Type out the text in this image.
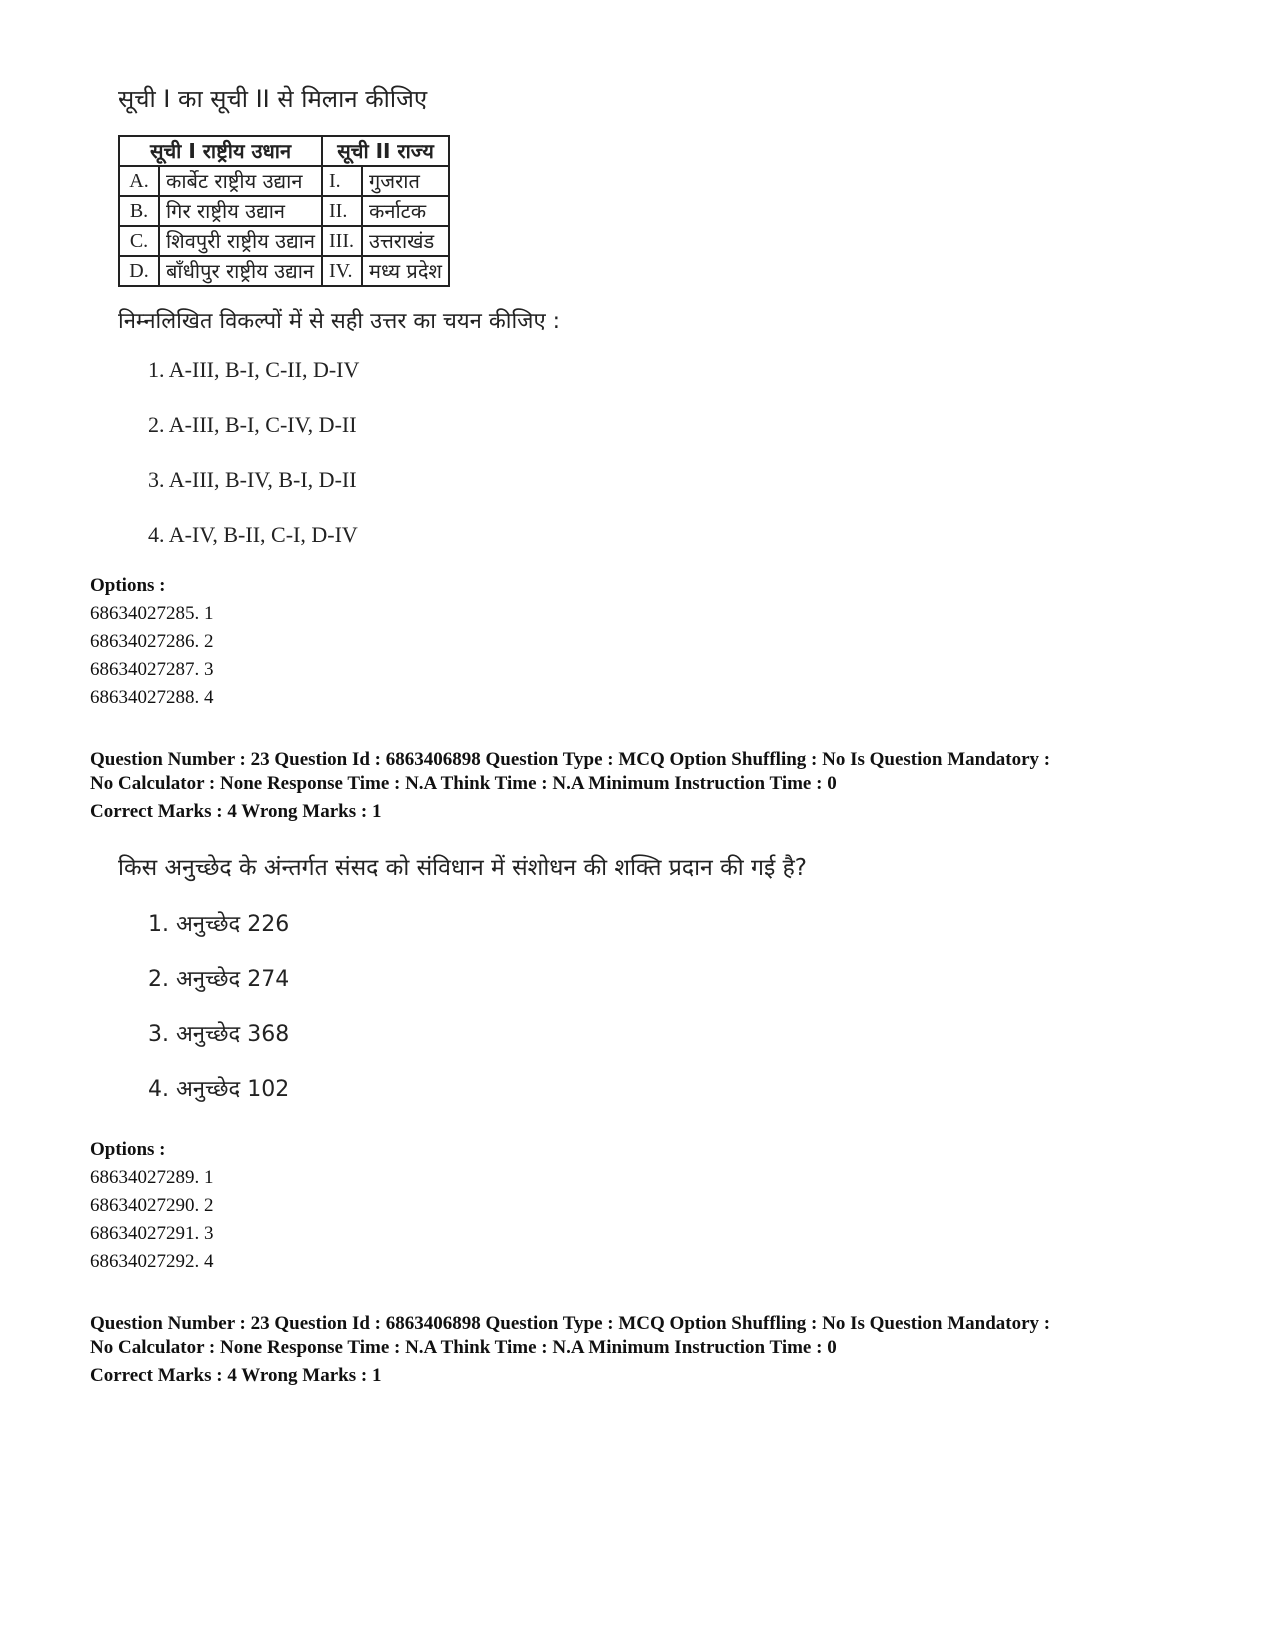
सूची I का सूची II से मिलान कीजिए
सूची I राष्ट्रीय उधान		सूची II राज्य	
A.	कार्बेट राष्ट्रीय उद्यान	I.	गुजरात
B.	गिर राष्ट्रीय उद्यान	II.	कर्नाटक
C.	शिवपुरी राष्ट्रीय उद्यान	III.	उत्तराखंड
D.	बाँधीपुर राष्ट्रीय उद्यान	IV.	मध्य प्रदेश
निम्नलिखित विकल्पों में से सही उत्तर का चयन कीजिए :
1. A-III, B-I, C-II, D-IV
2. A-III, B-I, C-IV, D-II
3. A-III, B-IV, B-I, D-II
4. A-IV, B-II, C-I, D-IV
Options :
68634027285. 1
68634027286. 2
68634027287. 3
68634027288. 4
Question Number : 23 Question Id : 6863406898 Question Type : MCQ Option Shuffling : No Is Question Mandatory :
No Calculator : None Response Time : N.A Think Time : N.A Minimum Instruction Time : 0
Correct Marks : 4 Wrong Marks : 1
किस अनुच्छेद के अंन्तर्गत संसद को संविधान में संशोधन की शक्ति प्रदान की गई है?
1. अनुच्छेद 226
2. अनुच्छेद 274
3. अनुच्छेद 368
4. अनुच्छेद 102
Options :
68634027289. 1
68634027290. 2
68634027291. 3
68634027292. 4
Question Number : 23 Question Id : 6863406898 Question Type : MCQ Option Shuffling : No Is Question Mandatory :
No Calculator : None Response Time : N.A Think Time : N.A Minimum Instruction Time : 0
Correct Marks : 4 Wrong Marks : 1
